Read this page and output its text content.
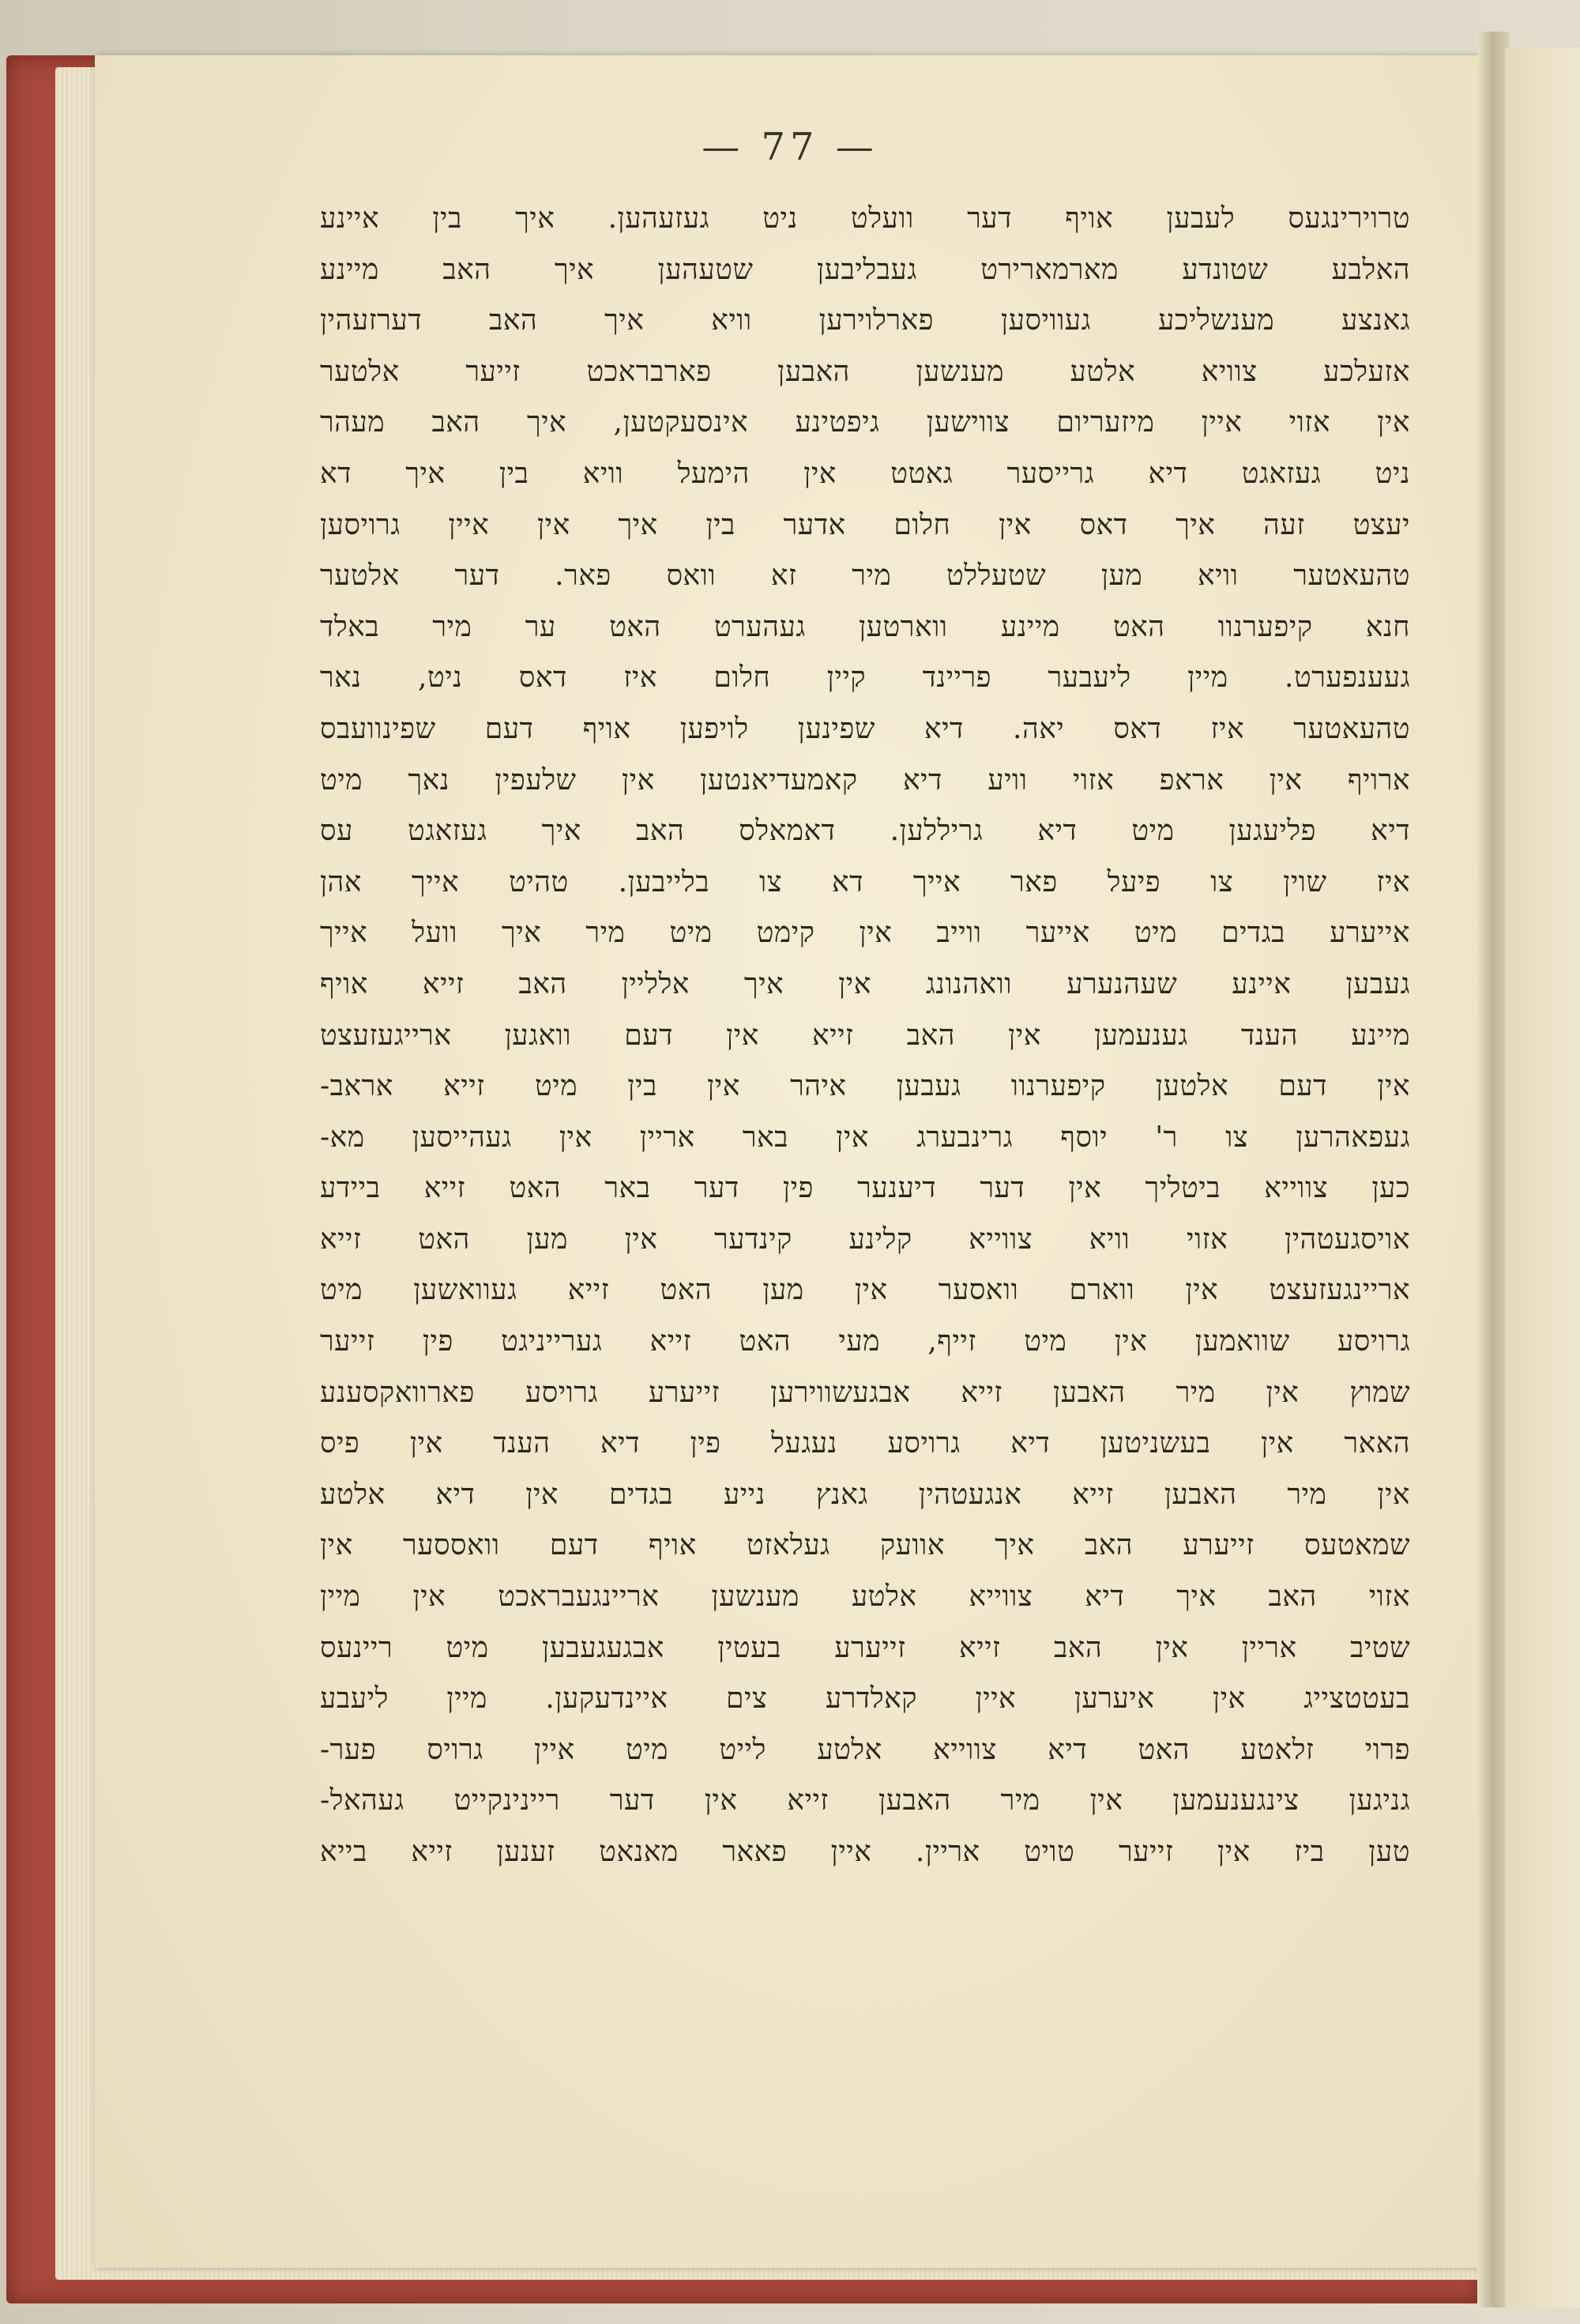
— 77 —
טרוירינגעס לעבען אויף דער וועלט ניט געזעהען. איך בין איינע
האלבע שטונדע מארמארירט געבליבען שטעהען איך האב מיינע
גאנצע מענשליכע געוויסען פארלוירען וויא איך האב דערזעהין
אזעלכע צוויא אלטע מענשען האבען פארבראכט זייער אלטער
אין אזוי איין מיזעריום צווישען גיפטינע אינסעקטען, איך האב מעהר
ניט געזאגט דיא גרייסער גאטט אין הימעל וויא בין איך דא
יעצט זעה איך דאס אין חלום אדער בין איך אין איין גרויסען
טהעאטער וויא מען שטעללט מיר זא וואס פאר. דער אלטער
חנא קיפערנוו האט מיינע ווארטען געהערט האט ער מיר באלד
געענפערט. מיין ליעבער פריינד קיין חלום איז דאס ניט, נאר
טהעאטער איז דאס יאה. דיא שפינען לויפען אויף דעם שפינוועבס
ארויף אין אראפ אזוי וויע דיא קאמעדיאנטען אין שלעפין נאך מיט
דיא פליעגען מיט דיא גריללען. דאמאלס האב איך געזאגט עס
איז שוין צו פיעל פאר אייך דא צו בלייבען. טהיט אייך אהן
אייערע בגדים מיט אייער ווייב אין קימט מיט מיר איך וועל אייך
געבען איינע שעהנערע וואהנונג אין איך אלליין האב זייא אויף
מיינע הענד גענעמען אין האב זייא אין דעם וואגען ארייגעזעצט
אין דעם אלטען קיפערנוו געבען איהר אין בין מיט זייא אראב-
געפאהרען צו ר' יוסף גרינבערג אין באר אריין אין געהייסען מא-
כען צווייא ביטליך אין דער דיענער פין דער באר האט זייא ביידע
אויסגעטהין אזוי וויא צווייא קלינע קינדער אין מען האט זייא
אריינגעזעצט אין ווארם וואסער אין מען האט זייא געוואשען מיט
גרויסע שוואמען אין מיט זייף, מעי האט זייא גערייניגט פין זייער
שמוץ אין מיר האבען זייא אבגעשווירען זייערע גרויסע פארוואקסענע
האאר אין בעשניטען דיא גרויסע נעגעל פין דיא הענד אין פיס
אין מיר האבען זייא אנגעטהין גאנץ נייע בגדים אין דיא אלטע
שמאטעס זייערע האב איך אוועק געלאזט אויף דעם וואססער אין
אזוי האב איך דיא צווייא אלטע מענשען אריינגעבראכט אין מיין
שטיב אריין אין האב זייא זייערע בעטין אבגעגעבען מיט ריינעס
בעטטצייג אין איערען איין קאלדרע צים איינדעקען. מיין ליעבע
פרוי זלאטע האט דיא צווייא אלטע לייט מיט איין גרויס פער-
גניגען צינגענעמען אין מיר האבען זייא אין דער ריינינקייט געהאל-
טען ביז אין זייער טויט אריין. איין פאאר מאנאט זענען זייא בייא
